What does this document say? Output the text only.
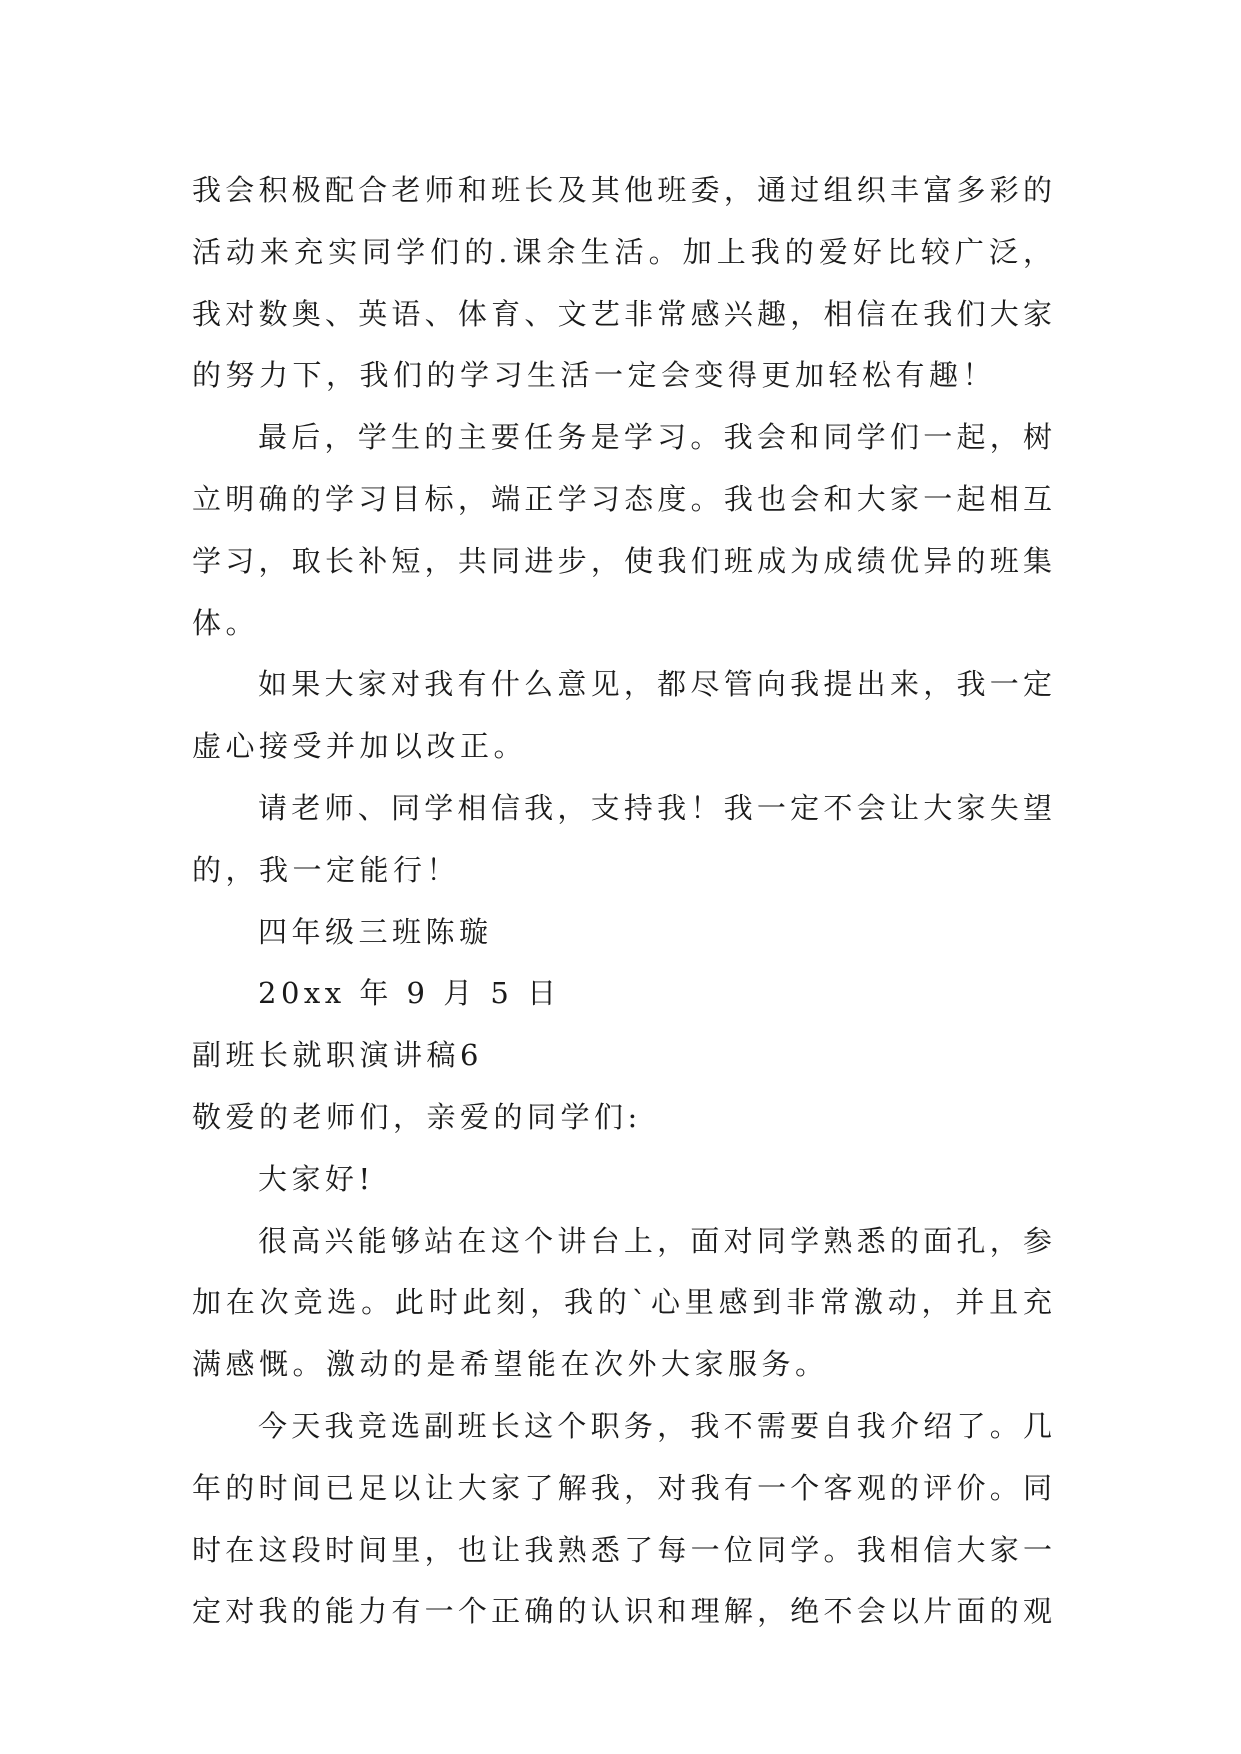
我会积极配合老师和班长及其他班委，通过组织丰富多彩的
活动来充实同学们的.课余生活。加上我的爱好比较广泛，
我对数奥、英语、体育、文艺非常感兴趣，相信在我们大家
的努力下，我们的学习生活一定会变得更加轻松有趣！
最后，学生的主要任务是学习。我会和同学们一起，树
立明确的学习目标，端正学习态度。我也会和大家一起相互
学习，取长补短，共同进步，使我们班成为成绩优异的班集
体。
如果大家对我有什么意见，都尽管向我提出来，我一定
虚心接受并加以改正。
请老师、同学相信我，支持我！我一定不会让大家失望
的，我一定能行！
四年级三班陈璇
20xx 年 9 月 5 日
副班长就职演讲稿6
敬爱的老师们，亲爱的同学们:
大家好!
很高兴能够站在这个讲台上，面对同学熟悉的面孔，参
加在次竞选。此时此刻，我的`心里感到非常激动，并且充
满感慨。激动的是希望能在次外大家服务。
今天我竞选副班长这个职务，我不需要自我介绍了。几
年的时间已足以让大家了解我，对我有一个客观的评价。同
时在这段时间里，也让我熟悉了每一位同学。我相信大家一
定对我的能力有一个正确的认识和理解，绝不会以片面的观
